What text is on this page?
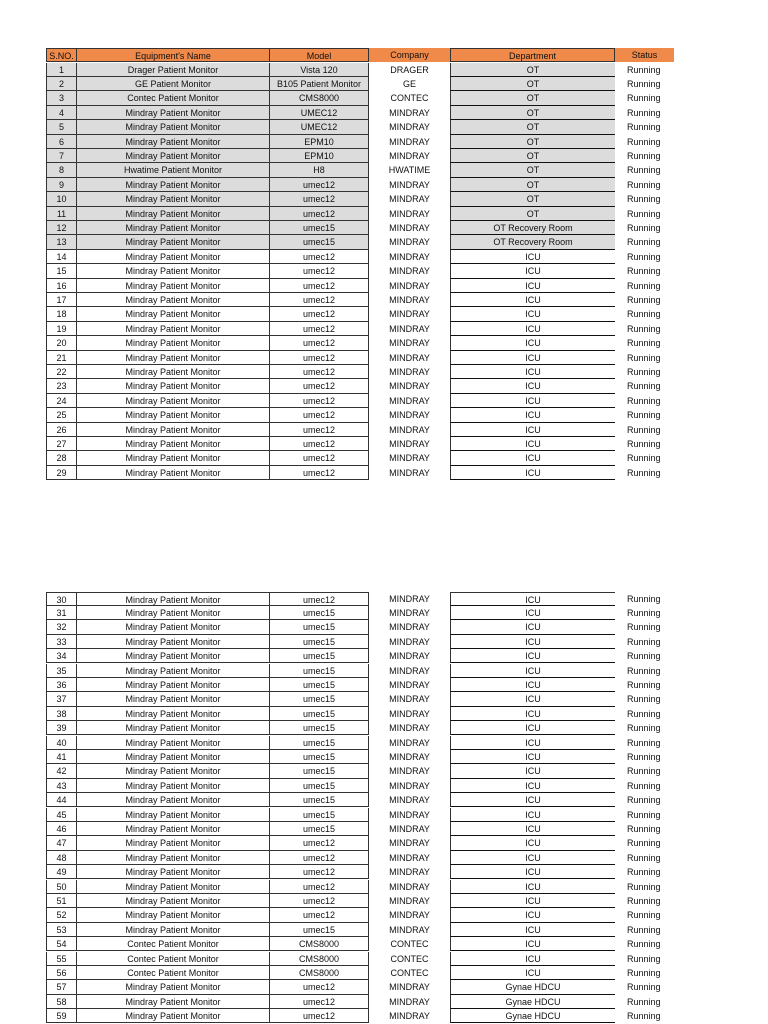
S.NO.	Equipment's Name	Model	Company	Department	Status
1	Drager Patient Monitor	Vista 120	DRAGER	OT	Running
2	GE Patient Monitor	B105 Patient Monitor	GE	OT	Running
3	Contec Patient Monitor	CMS8000	CONTEC	OT	Running
4	Mindray Patient Monitor	UMEC12	MINDRAY	OT	Running
5	Mindray Patient Monitor	UMEC12	MINDRAY	OT	Running
6	Mindray Patient Monitor	EPM10	MINDRAY	OT	Running
7	Mindray Patient Monitor	EPM10	MINDRAY	OT	Running
8	Hwatime Patient Monitor	H8	HWATIME	OT	Running
9	Mindray Patient Monitor	umec12	MINDRAY	OT	Running
10	Mindray Patient Monitor	umec12	MINDRAY	OT	Running
11	Mindray Patient Monitor	umec12	MINDRAY	OT	Running
12	Mindray Patient Monitor	umec15	MINDRAY	OT Recovery Room	Running
13	Mindray Patient Monitor	umec15	MINDRAY	OT Recovery Room	Running
14	Mindray Patient Monitor	umec12	MINDRAY	ICU	Running
15	Mindray Patient Monitor	umec12	MINDRAY	ICU	Running
16	Mindray Patient Monitor	umec12	MINDRAY	ICU	Running
17	Mindray Patient Monitor	umec12	MINDRAY	ICU	Running
18	Mindray Patient Monitor	umec12	MINDRAY	ICU	Running
19	Mindray Patient Monitor	umec12	MINDRAY	ICU	Running
20	Mindray Patient Monitor	umec12	MINDRAY	ICU	Running
21	Mindray Patient Monitor	umec12	MINDRAY	ICU	Running
22	Mindray Patient Monitor	umec12	MINDRAY	ICU	Running
23	Mindray Patient Monitor	umec12	MINDRAY	ICU	Running
24	Mindray Patient Monitor	umec12	MINDRAY	ICU	Running
25	Mindray Patient Monitor	umec12	MINDRAY	ICU	Running
26	Mindray Patient Monitor	umec12	MINDRAY	ICU	Running
27	Mindray Patient Monitor	umec12	MINDRAY	ICU	Running
28	Mindray Patient Monitor	umec12	MINDRAY	ICU	Running
29	Mindray Patient Monitor	umec12	MINDRAY	ICU	Running
30	Mindray Patient Monitor	umec12	MINDRAY	ICU	Running
31	Mindray Patient Monitor	umec15	MINDRAY	ICU	Running
32	Mindray Patient Monitor	umec15	MINDRAY	ICU	Running
33	Mindray Patient Monitor	umec15	MINDRAY	ICU	Running
34	Mindray Patient Monitor	umec15	MINDRAY	ICU	Running
35	Mindray Patient Monitor	umec15	MINDRAY	ICU	Running
36	Mindray Patient Monitor	umec15	MINDRAY	ICU	Running
37	Mindray Patient Monitor	umec15	MINDRAY	ICU	Running
38	Mindray Patient Monitor	umec15	MINDRAY	ICU	Running
39	Mindray Patient Monitor	umec15	MINDRAY	ICU	Running
40	Mindray Patient Monitor	umec15	MINDRAY	ICU	Running
41	Mindray Patient Monitor	umec15	MINDRAY	ICU	Running
42	Mindray Patient Monitor	umec15	MINDRAY	ICU	Running
43	Mindray Patient Monitor	umec15	MINDRAY	ICU	Running
44	Mindray Patient Monitor	umec15	MINDRAY	ICU	Running
45	Mindray Patient Monitor	umec15	MINDRAY	ICU	Running
46	Mindray Patient Monitor	umec15	MINDRAY	ICU	Running
47	Mindray Patient Monitor	umec12	MINDRAY	ICU	Running
48	Mindray Patient Monitor	umec12	MINDRAY	ICU	Running
49	Mindray Patient Monitor	umec12	MINDRAY	ICU	Running
50	Mindray Patient Monitor	umec12	MINDRAY	ICU	Running
51	Mindray Patient Monitor	umec12	MINDRAY	ICU	Running
52	Mindray Patient Monitor	umec12	MINDRAY	ICU	Running
53	Mindray Patient Monitor	umec15	MINDRAY	ICU	Running
54	Contec Patient Monitor	CMS8000	CONTEC	ICU	Running
55	Contec Patient Monitor	CMS8000	CONTEC	ICU	Running
56	Contec Patient Monitor	CMS8000	CONTEC	ICU	Running
57	Mindray Patient Monitor	umec12	MINDRAY	Gynae HDCU	Running
58	Mindray Patient Monitor	umec12	MINDRAY	Gynae HDCU	Running
59	Mindray Patient Monitor	umec12	MINDRAY	Gynae HDCU	Running
